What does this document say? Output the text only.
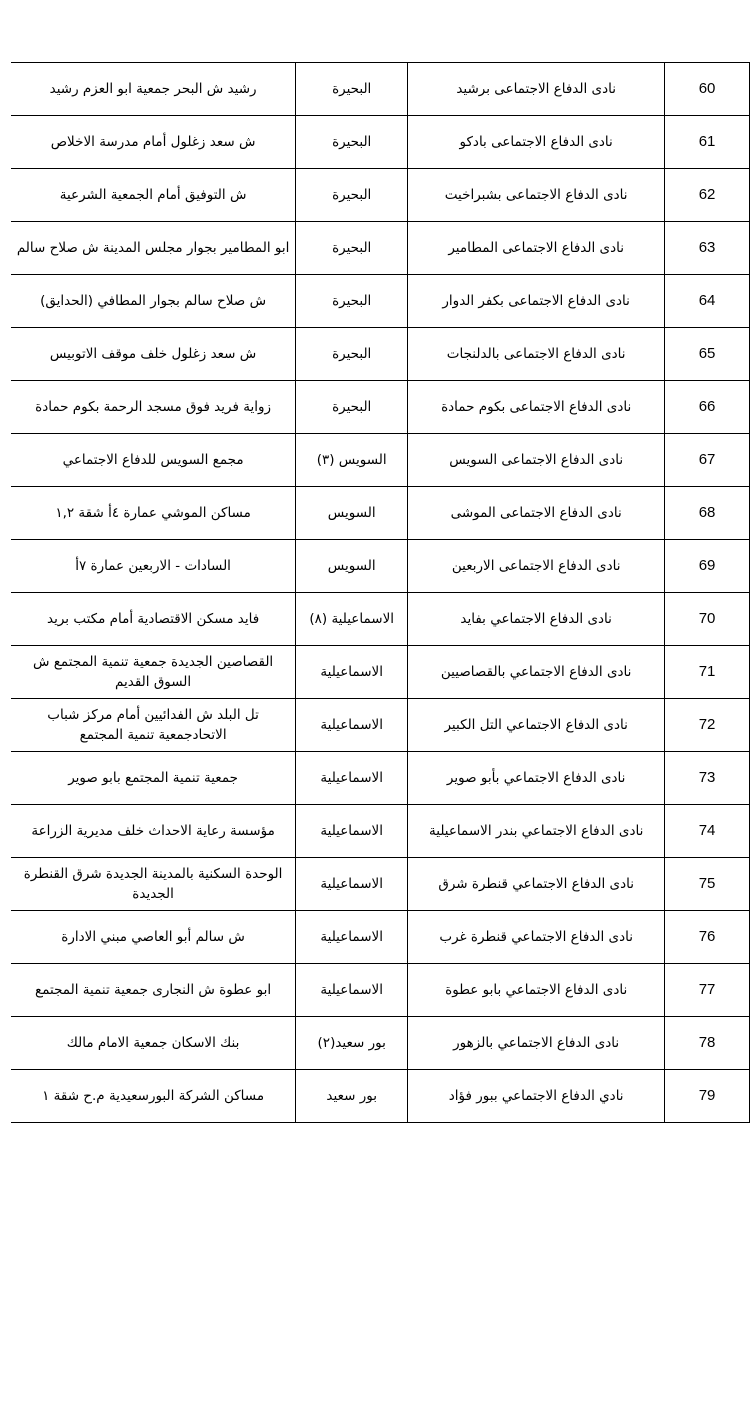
60	نادى الدفاع الاجتماعى برشيد	البحيرة	رشيد ش البحر جمعية ابو العزم رشيد
61	نادى الدفاع الاجتماعى بادكو	البحيرة	ش سعد زغلول أمام مدرسة الاخلاص
62	نادى الدفاع الاجتماعى بشبراخيت	البحيرة	ش التوفيق أمام الجمعية الشرعية
63	نادى الدفاع الاجتماعى المطامير	البحيرة	ابو المطامير بجوار مجلس المدينة ش صلاح سالم
64	نادى الدفاع الاجتماعى بكفر الدوار	البحيرة	ش صلاح سالم بجوار المطافي (الحدايق)
65	نادى الدفاع الاجتماعى بالدلنجات	البحيرة	ش سعد زغلول خلف موقف الاتوبيس
66	نادى الدفاع الاجتماعى بكوم حمادة	البحيرة	زواية فريد فوق مسجد الرحمة بكوم حمادة
67	نادى الدفاع الاجتماعى السويس	السويس (٣)	مجمع السويس للدفاع الاجتماعي
68	نادى الدفاع الاجتماعى الموشى	السويس	مساكن الموشي عمارة ٤أ شقة ١,٢
69	نادى الدفاع الاجتماعى الاربعين	السويس	السادات - الاربعين عمارة ٧أ
70	نادى الدفاع الاجتماعي بفايد	الاسماعيلية (٨)	فايد مسكن الاقتصادية أمام مكتب بريد
71	نادى الدفاع الاجتماعي بالقصاصيين	الاسماعيلية	القصاصين الجديدة جمعية تنمية المجتمع ش السوق القديم
72	نادى الدفاع الاجتماعي التل الكبير	الاسماعيلية	تل البلد ش الفدائيين أمام مركز شباب الاتحادجمعية تنمية المجتمع
73	نادى الدفاع الاجتماعي بأبو صوير	الاسماعيلية	جمعية تنمية المجتمع بابو صوير
74	نادى الدفاع الاجتماعي بندر الاسماعيلية	الاسماعيلية	مؤسسة رعاية الاحداث خلف مديرية الزراعة
75	نادى الدفاع الاجتماعي قنطرة شرق	الاسماعيلية	الوحدة السكنية بالمدينة الجديدة شرق القنطرة الجديدة
76	نادى الدفاع الاجتماعي قنطرة غرب	الاسماعيلية	ش سالم أبو العاصي مبني الادارة
77	نادى الدفاع الاجتماعي بابو عطوة	الاسماعيلية	ابو عطوة ش النجارى جمعية تنمية المجتمع
78	نادى الدفاع الاجتماعي بالزهور	بور سعيد(٢)	بنك الاسكان جمعية الامام مالك
79	نادي الدفاع الاجتماعي ببور فؤاد	بور سعيد	مساكن الشركة البورسعيدية م.ح شقة ١
